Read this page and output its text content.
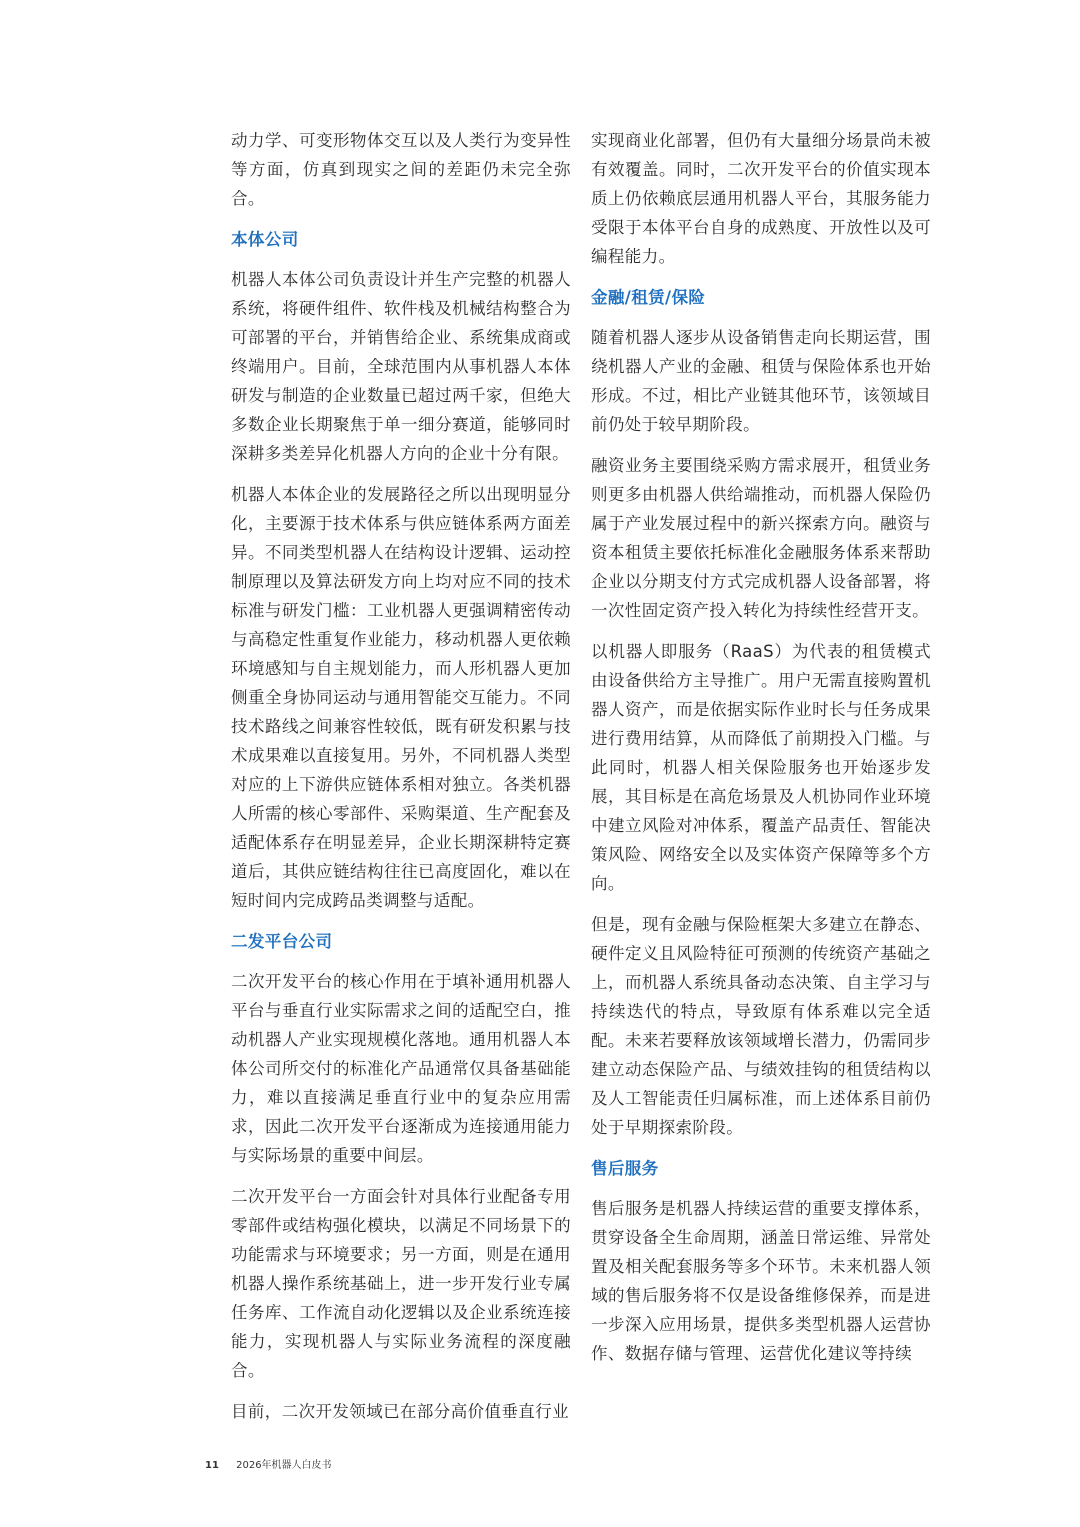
动力学、可变形物体交互以及人类行为变异性等方面，仿真到现实之间的差距仍未完全弥合。

本体公司

机器人本体公司负责设计并生产完整的机器人系统，将硬件组件、软件栈及机械结构整合为可部署的平台，并销售给企业、系统集成商或终端用户。目前，全球范围内从事机器人本体研发与制造的企业数量已超过两千家，但绝大多数企业长期聚焦于单一细分赛道，能够同时深耕多类差异化机器人方向的企业十分有限。

机器人本体企业的发展路径之所以出现明显分化，主要源于技术体系与供应链体系两方面差异。不同类型机器人在结构设计逻辑、运动控制原理以及算法研发方向上均对应不同的技术标准与研发门槛：工业机器人更强调精密传动与高稳定性重复作业能力，移动机器人更依赖环境感知与自主规划能力，而人形机器人更加侧重全身协同运动与通用智能交互能力。不同技术路线之间兼容性较低，既有研发积累与技术成果难以直接复用。另外，不同机器人类型对应的上下游供应链体系相对独立。各类机器人所需的核心零部件、采购渠道、生产配套及适配体系存在明显差异，企业长期深耕特定赛道后，其供应链结构往往已高度固化，难以在短时间内完成跨品类调整与适配。

二发平台公司

二次开发平台的核心作用在于填补通用机器人平台与垂直行业实际需求之间的适配空白，推动机器人产业实现规模化落地。通用机器人本体公司所交付的标准化产品通常仅具备基础能力，难以直接满足垂直行业中的复杂应用需求，因此二次开发平台逐渐成为连接通用能力与实际场景的重要中间层。

二次开发平台一方面会针对具体行业配备专用零部件或结构强化模块，以满足不同场景下的功能需求与环境要求；另一方面，则是在通用机器人操作系统基础上，进一步开发行业专属任务库、工作流自动化逻辑以及企业系统连接能力，实现机器人与实际业务流程的深度融合。

目前，二次开发领域已在部分高价值垂直行业

实现商业化部署，但仍有大量细分场景尚未被有效覆盖。同时，二次开发平台的价值实现本质上仍依赖底层通用机器人平台，其服务能力受限于本体平台自身的成熟度、开放性以及可编程能力。

金融/租赁/保险

随着机器人逐步从设备销售走向长期运营，围绕机器人产业的金融、租赁与保险体系也开始形成。不过，相比产业链其他环节，该领域目前仍处于较早期阶段。

融资业务主要围绕采购方需求展开，租赁业务则更多由机器人供给端推动，而机器人保险仍属于产业发展过程中的新兴探索方向。融资与资本租赁主要依托标准化金融服务体系来帮助企业以分期支付方式完成机器人设备部署，将一次性固定资产投入转化为持续性经营开支。

以机器人即服务（RaaS）为代表的租赁模式由设备供给方主导推广。用户无需直接购置机器人资产，而是依据实际作业时长与任务成果进行费用结算，从而降低了前期投入门槛。与此同时，机器人相关保险服务也开始逐步发展，其目标是在高危场景及人机协同作业环境中建立风险对冲体系，覆盖产品责任、智能决策风险、网络安全以及实体资产保障等多个方向。

但是，现有金融与保险框架大多建立在静态、硬件定义且风险特征可预测的传统资产基础之上，而机器人系统具备动态决策、自主学习与持续迭代的特点，导致原有体系难以完全适配。未来若要释放该领域增长潜力，仍需同步建立动态保险产品、与绩效挂钩的租赁结构以及人工智能责任归属标准，而上述体系目前仍处于早期探索阶段。

售后服务

售后服务是机器人持续运营的重要支撑体系，贯穿设备全生命周期，涵盖日常运维、异常处置及相关配套服务等多个环节。未来机器人领域的售后服务将不仅是设备维修保养，而是进一步深入应用场景，提供多类型机器人运营协作、数据存储与管理、运营优化建议等持续

11 2026年机器人白皮书
